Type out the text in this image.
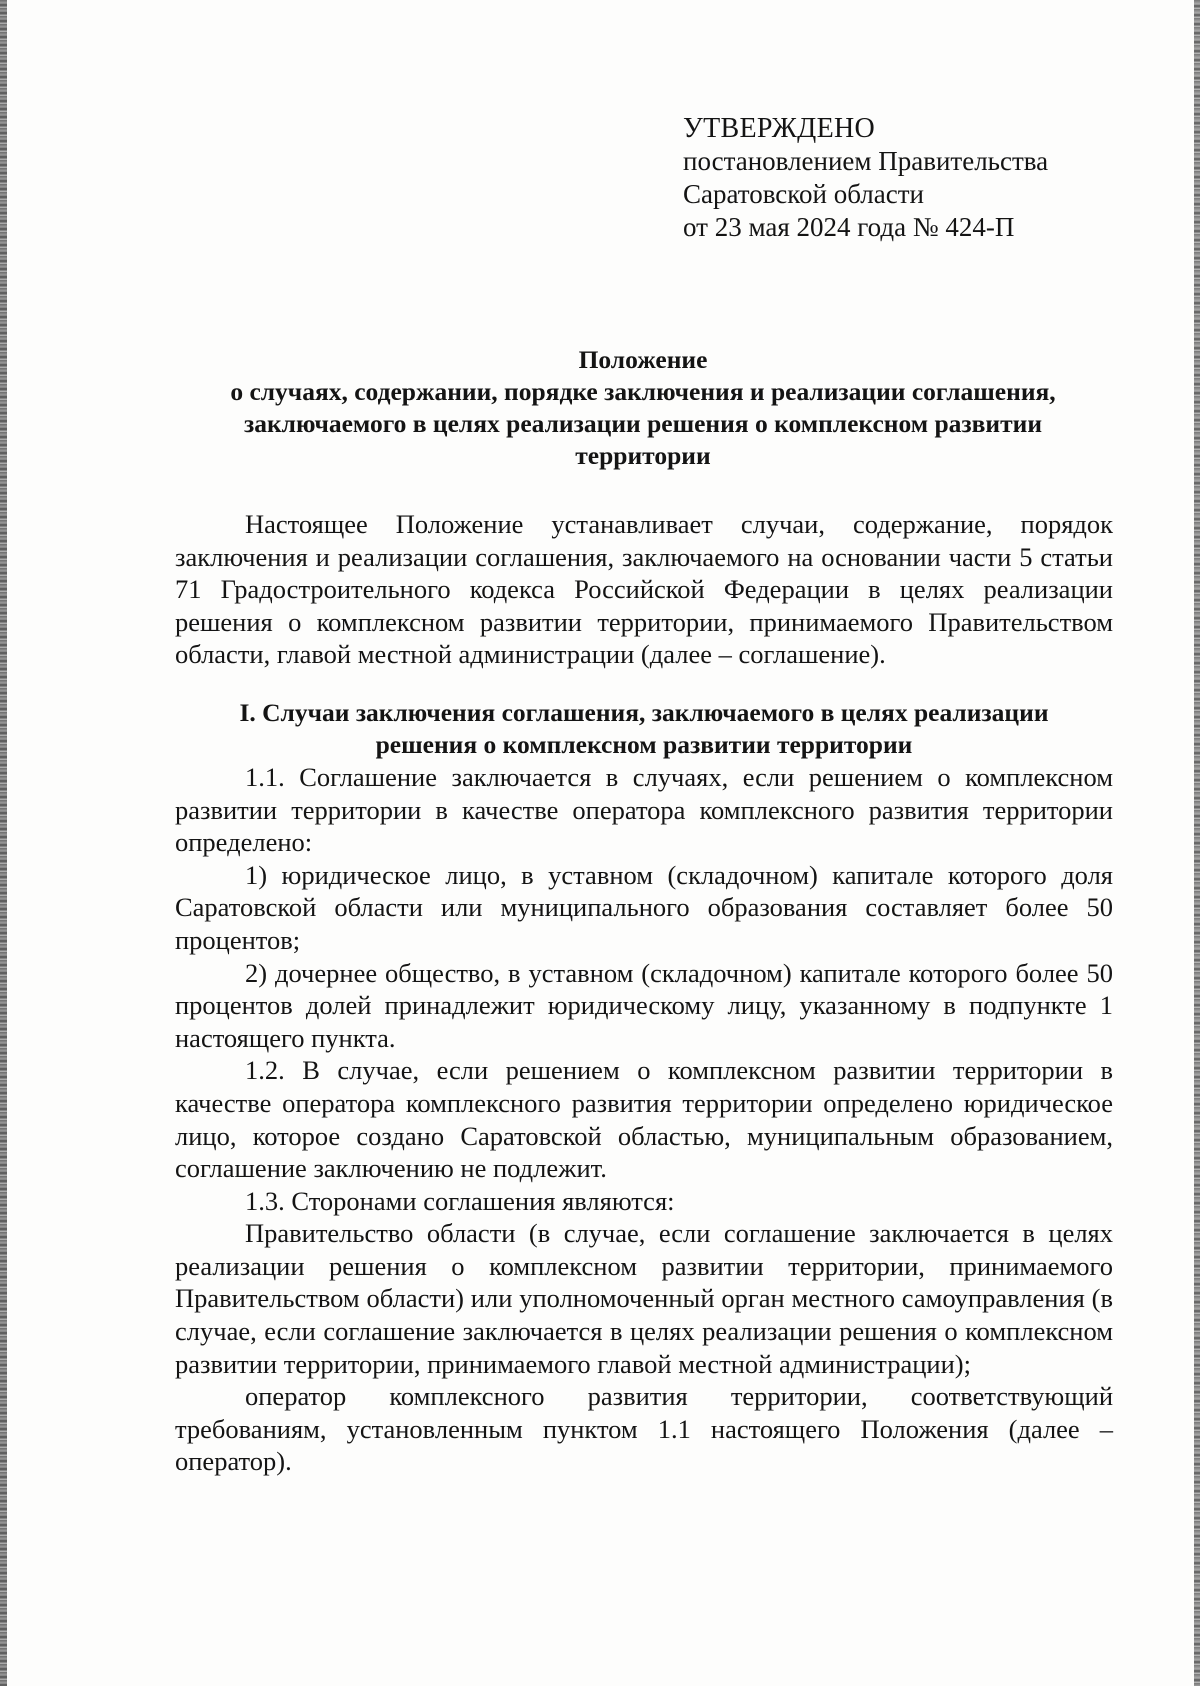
УТВЕРЖДЕНО
постановлением Правительства
Саратовской области
от 23 мая 2024 года № 424-П
Положение
о случаях, содержании, порядке заключения и реализации соглашения,
заключаемого в целях реализации решения о комплексном развитии
территории

Настоящее Положение устанавливает случаи, содержание, порядок заключения и реализации соглашения, заключаемого на основании части 5 статьи 71 Градостроительного кодекса Российской Федерации в целях реализации решения о комплексном развитии территории, принимаемого Правительством области, главой местной администрации (далее – соглашение).

I. Случаи заключения соглашения, заключаемого в целях реализации
решения о комплексном развитии территории

1.1. Соглашение заключается в случаях, если решением о комплексном развитии территории в качестве оператора комплексного развития территории определено:

1) юридическое лицо, в уставном (складочном) капитале которого доля Саратовской области или муниципального образования составляет более 50 процентов;

2) дочернее общество, в уставном (складочном) капитале которого более 50 процентов долей принадлежит юридическому лицу, указанному в подпункте 1 настоящего пункта.

1.2. В случае, если решением о комплексном развитии территории в качестве оператора комплексного развития территории определено юридическое лицо, которое создано Саратовской областью, муниципальным образованием, соглашение заключению не подлежит.

1.3. Сторонами соглашения являются:

Правительство области (в случае, если соглашение заключается в целях реализации решения о комплексном развитии территории, принимаемого Правительством области) или уполномоченный орган местного самоуправления (в случае, если соглашение заключается в целях реализации решения о комплексном развитии территории, принимаемого главой местной администрации);

оператор комплексного развития территории, соответствующий требованиям, установленным пунктом 1.1 настоящего Положения (далее – оператор).
